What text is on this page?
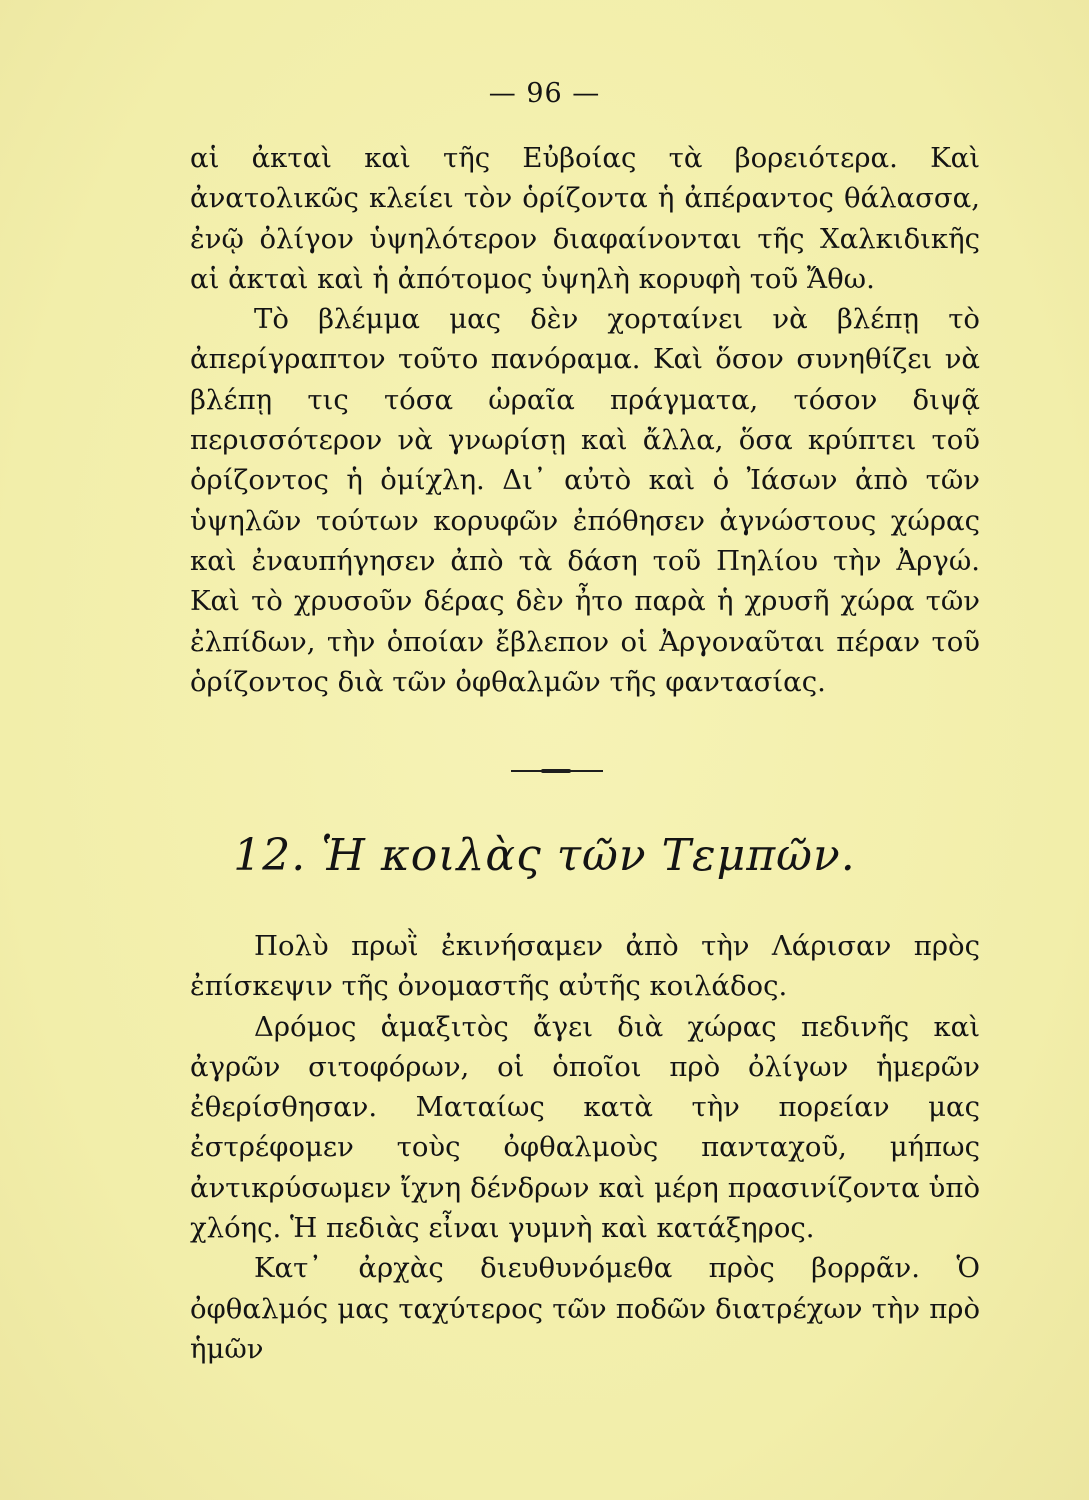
— 96 —

αἱ ἀκταὶ καὶ τῆς Εὐβοίας τὰ βορειότερα. Καὶ ἀνατολικῶς κλείει τὸν ὁρίζοντα ἡ ἀπέραντος θάλασσα, ἐνῷ ὀλίγον ὑψηλότερον διαφαίνονται τῆς Χαλκιδικῆς αἱ ἀκταὶ καὶ ἡ ἀπότομος ὑψηλὴ κορυφὴ τοῦ Ἄθω.

Τὸ βλέμμα μας δὲν χορταίνει νὰ βλέπῃ τὸ ἀπερίγραπτον τοῦτο πανόραμα. Καὶ ὅσον συνηθίζει νὰ βλέπῃ τις τόσα ὡραῖα πράγματα, τόσον διψᾷ περισσότερον νὰ γνωρίσῃ καὶ ἄλλα, ὅσα κρύπτει τοῦ ὁρίζοντος ἡ ὁμίχλη. Δι᾿ αὐτὸ καὶ ὁ Ἰάσων ἀπὸ τῶν ὑψηλῶν τούτων κορυφῶν ἐπόθησεν ἀγνώστους χώρας καὶ ἐναυπήγησεν ἀπὸ τὰ δάση τοῦ Πηλίου τὴν Ἀργώ. Καὶ τὸ χρυσοῦν δέρας δὲν ἦτο παρὰ ἡ χρυσῆ χώρα τῶν ἐλπίδων, τὴν ὁποίαν ἔβλεπον οἱ Ἀργοναῦται πέραν τοῦ ὁρίζοντος διὰ τῶν ὀφθαλμῶν τῆς φαντασίας.

12. Ἡ κοιλὰς τῶν Τεμπῶν.

Πολὺ πρωῒ ἐκινήσαμεν ἀπὸ τὴν Λάρισαν πρὸς ἐπίσκεψιν τῆς ὀνομαστῆς αὐτῆς κοιλάδος.

Δρόμος ἁμαξιτὸς ἄγει διὰ χώρας πεδινῆς καὶ ἀγρῶν σιτοφόρων, οἱ ὁποῖοι πρὸ ὀλίγων ἡμερῶν ἐθερίσθησαν. Ματαίως κατὰ τὴν πορείαν μας ἐστρέφομεν τοὺς ὀφθαλμοὺς πανταχοῦ, μήπως ἀντικρύσωμεν ἴχνη δένδρων καὶ μέρη πρασινίζοντα ὑπὸ χλόης. Ἡ πεδιὰς εἶναι γυμνὴ καὶ κατάξηρος.

Κατ᾿ ἀρχὰς διευθυνόμεθα πρὸς βορρᾶν. Ὁ ὀφθαλμός μας ταχύτερος τῶν ποδῶν διατρέχων τὴν πρὸ ἡμῶν
